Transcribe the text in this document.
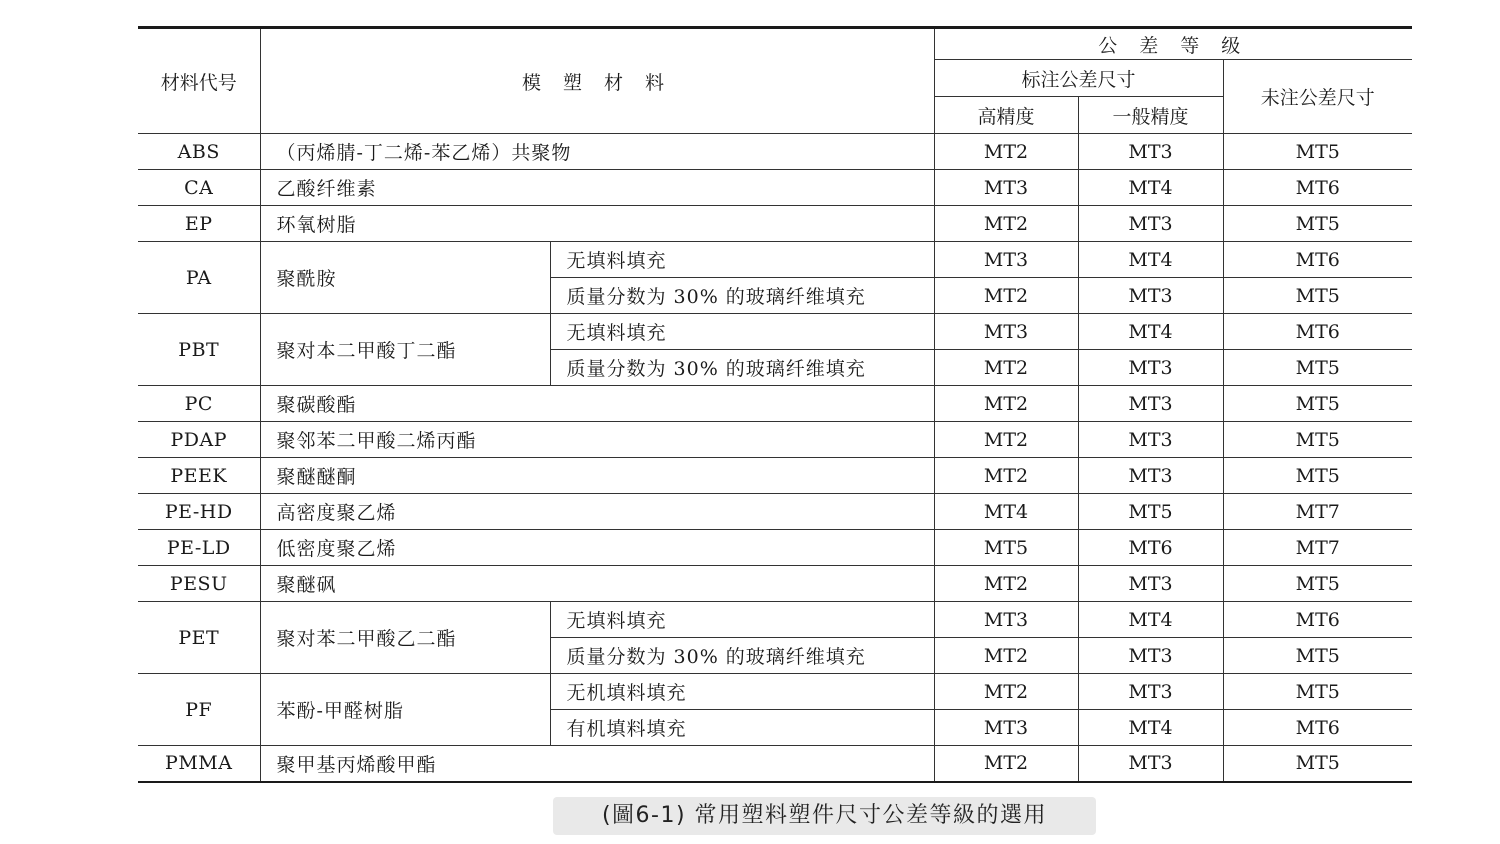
材料代号	模 塑 材 料		公 差 等 级		
			标注公差尺寸		未注公差尺寸
			高精度	一般精度	
ABS	（丙烯腈-丁二烯-苯乙烯）共聚物		MT2	MT3	MT5
CA	乙酸纤维素		MT3	MT4	MT6
EP	环氧树脂		MT2	MT3	MT5
PA	聚酰胺	无填料填充	MT3	MT4	MT6
		质量分数为 30% 的玻璃纤维填充	MT2	MT3	MT5
PBT	聚对本二甲酸丁二酯	无填料填充	MT3	MT4	MT6
		质量分数为 30% 的玻璃纤维填充	MT2	MT3	MT5
PC	聚碳酸酯		MT2	MT3	MT5
PDAP	聚邻苯二甲酸二烯丙酯		MT2	MT3	MT5
PEEK	聚醚醚酮		MT2	MT3	MT5
PE-HD	高密度聚乙烯		MT4	MT5	MT7
PE-LD	低密度聚乙烯		MT5	MT6	MT7
PESU	聚醚砜		MT2	MT3	MT5
PET	聚对苯二甲酸乙二酯	无填料填充	MT3	MT4	MT6
		质量分数为 30% 的玻璃纤维填充	MT2	MT3	MT5
PF	苯酚-甲醛树脂	无机填料填充	MT2	MT3	MT5
		有机填料填充	MT3	MT4	MT6
PMMA	聚甲基丙烯酸甲酯		MT2	MT3	MT5
(圖6-1) 常用塑料塑件尺寸公差等級的選用
